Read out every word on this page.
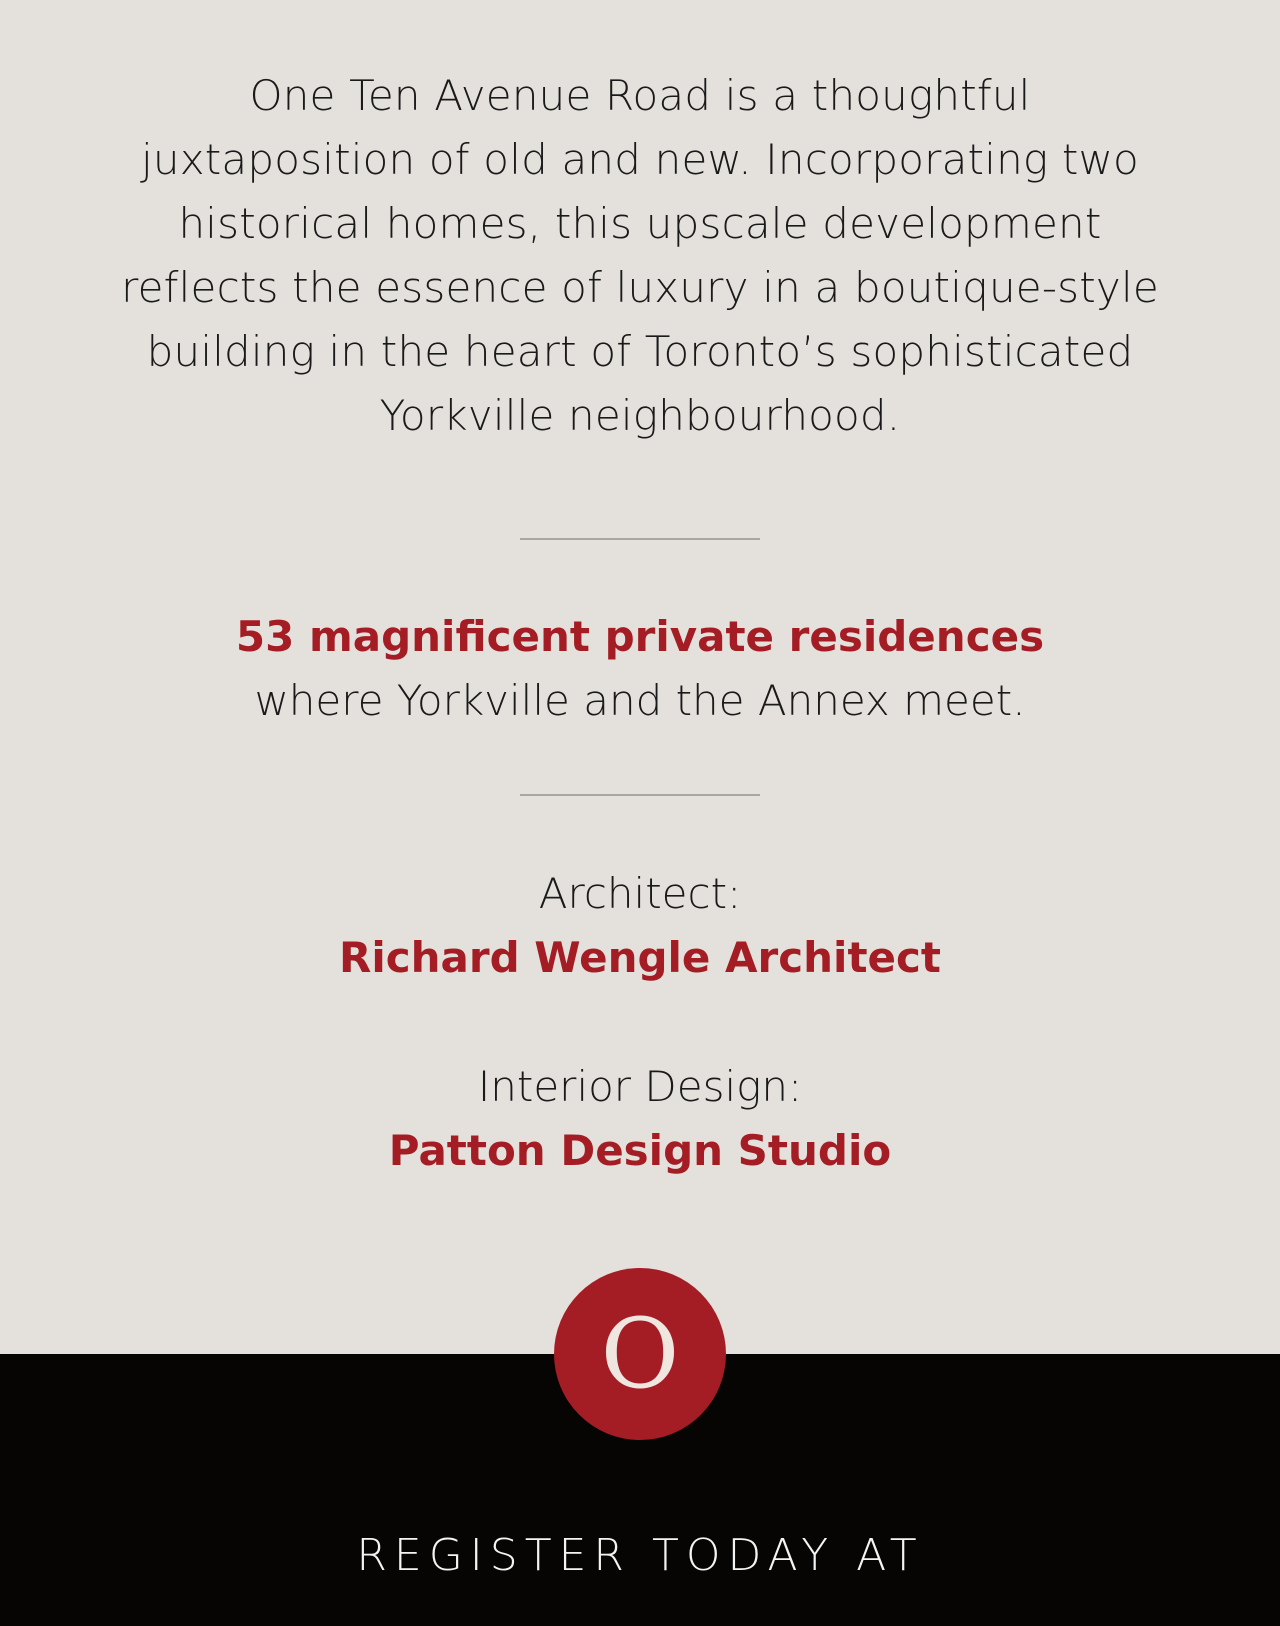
One Ten Avenue Road is a thoughtful
juxtaposition of old and new. Incorporating two
historical homes, this upscale development
reflects the essence of luxury in a boutique-style
building in the heart of Toronto’s sophisticated
Yorkville neighbourhood.
53 magnificent private residences
where Yorkville and the Annex meet.
Architect:
Richard Wengle Architect
Interior Design:
Patton Design Studio
O
REGISTER TODAY AT
